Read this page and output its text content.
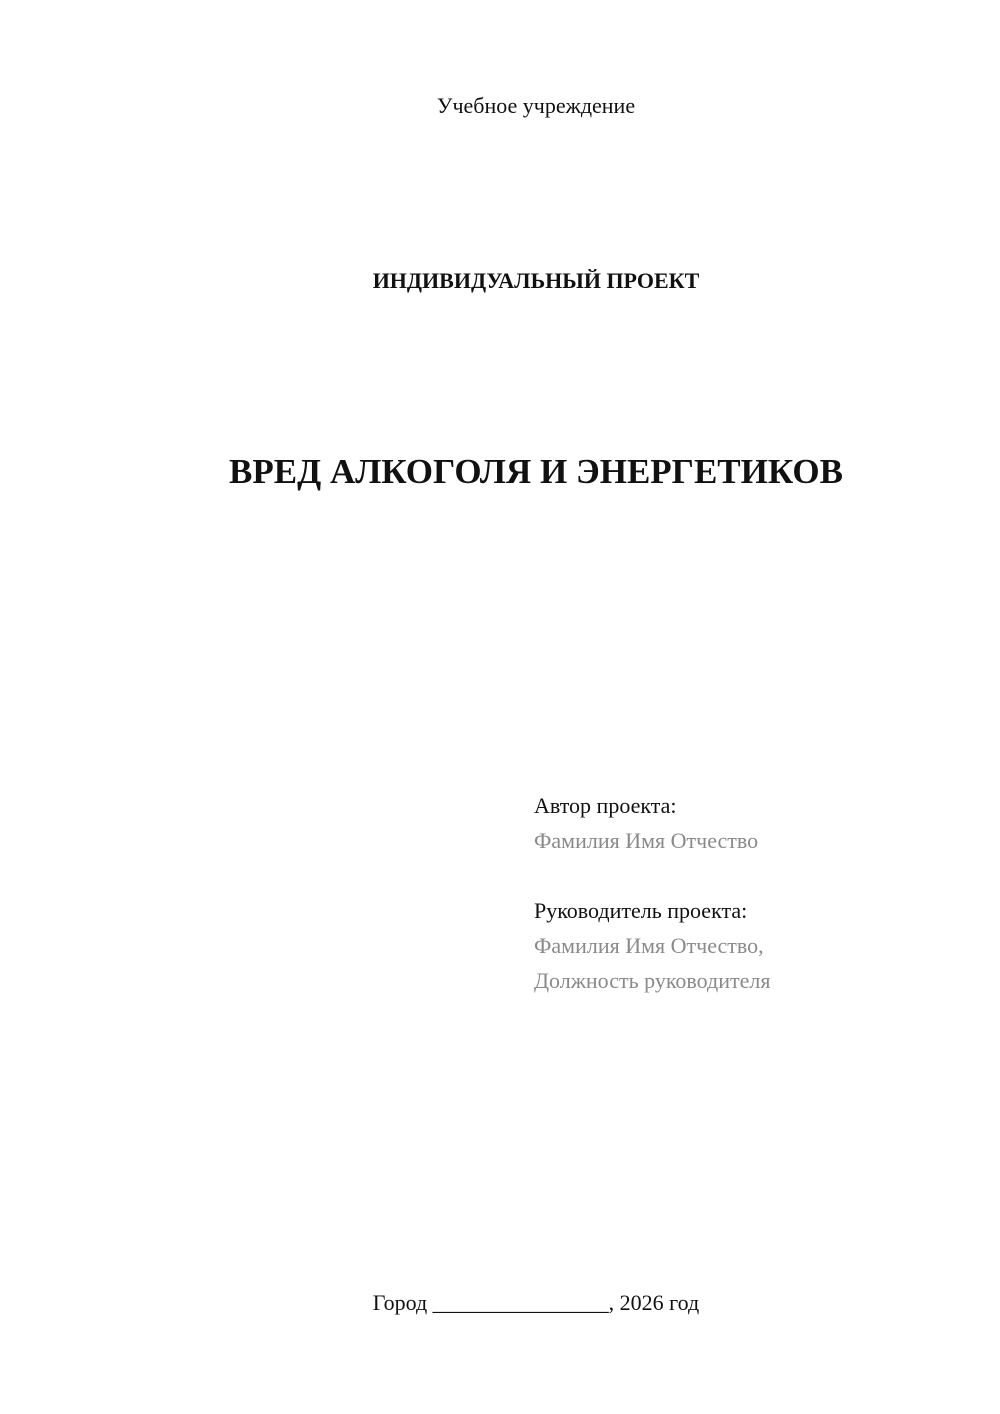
Учебное учреждение
ИНДИВИДУАЛЬНЫЙ ПРОЕКТ
ВРЕД АЛКОГОЛЯ И ЭНЕРГЕТИКОВ
Автор проекта:
Фамилия Имя Отчество
Руководитель проекта:
Фамилия Имя Отчество,
Должность руководителя
Город ________________, 2026 год
